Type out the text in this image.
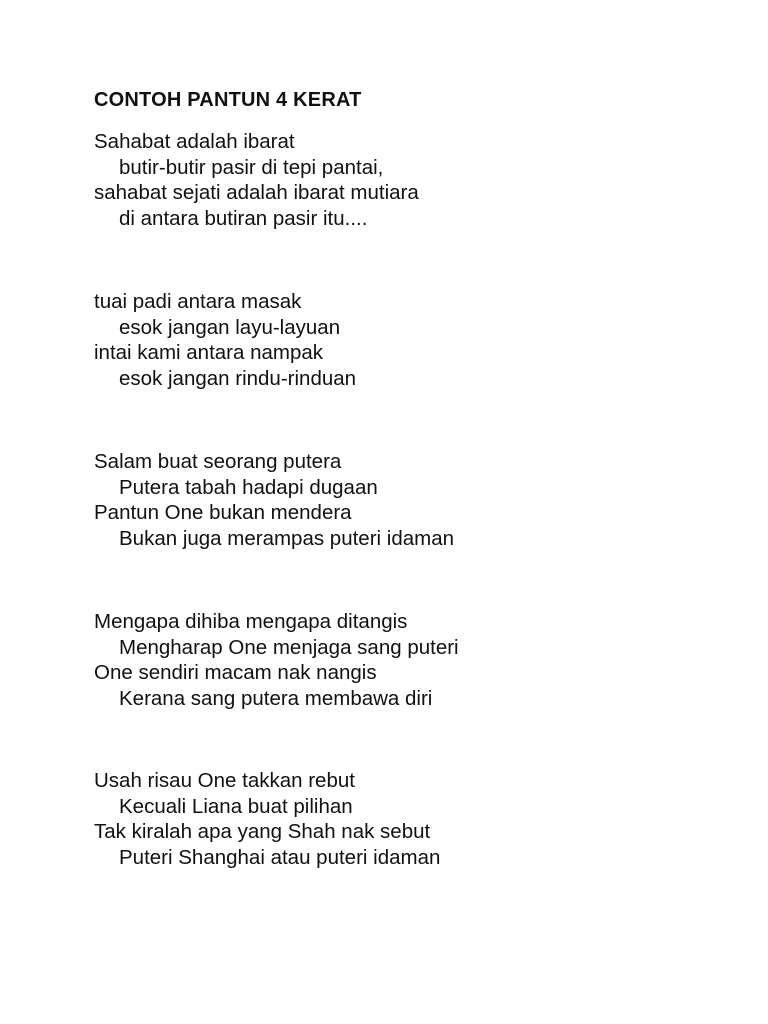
CONTOH PANTUN 4 KERAT
Sahabat adalah ibarat
butir-butir pasir di tepi pantai,
sahabat sejati adalah ibarat mutiara
di antara butiran pasir itu....
tuai padi antara masak
esok jangan layu-layuan
intai kami antara nampak
esok jangan rindu-rinduan
Salam buat seorang putera
Putera tabah hadapi dugaan
Pantun One bukan mendera
Bukan juga merampas puteri idaman
Mengapa dihiba mengapa ditangis
Mengharap One menjaga sang puteri
One sendiri macam nak nangis
Kerana sang putera membawa diri
Usah risau One takkan rebut
Kecuali Liana buat pilihan
Tak kiralah apa yang Shah nak sebut
Puteri Shanghai atau puteri idaman
